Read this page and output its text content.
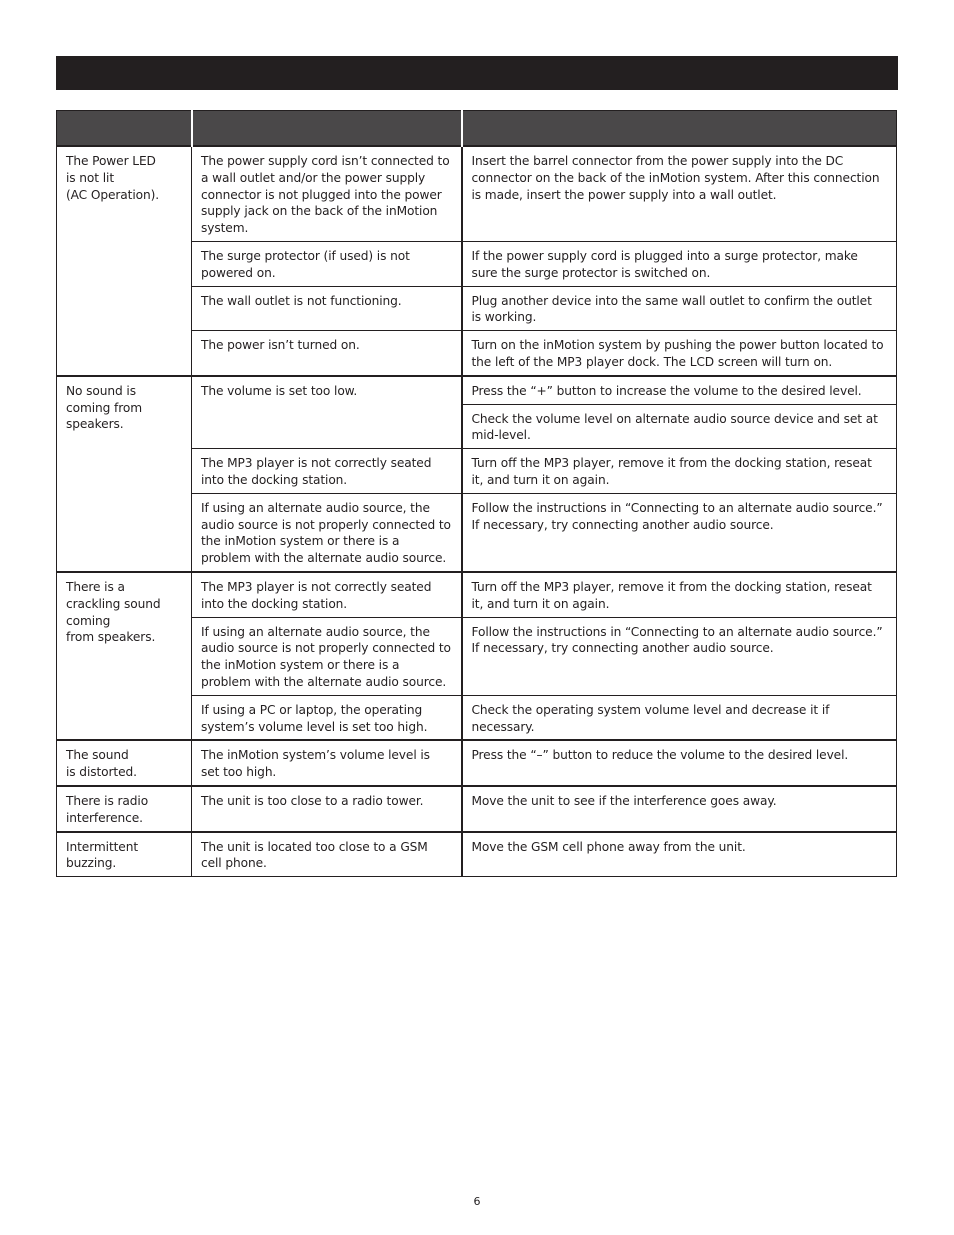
The Power LED
is not lit
(AC Operation).	The power supply cord isn’t connected to a wall outlet and/or the power supply connector is not plugged into the power supply jack on the back of the inMotion system.	Insert the barrel connector from the power supply into the DC connector on the back of the inMotion system. After this connection is made, insert the power supply into a wall outlet.

	The surge protector (if used) is not powered on.	If the power supply cord is plugged into a surge protector, make sure the surge protector is switched on.

	The wall outlet is not functioning.	Plug another device into the same wall outlet to confirm the outlet
is working.

	The power isn’t turned on.	Turn on the inMotion system by pushing the power button located to the left of the MP3 player dock. The LCD screen will turn on.

No sound is coming from speakers.	The volume is set too low.	Press the “+” button to increase the volume to the desired level.

		Check the volume level on alternate audio source device and set at mid-level.

	The MP3 player is not correctly seated into the docking station.	Turn off the MP3 player, remove it from the docking station, reseat it, and turn it on again.

	If using an alternate audio source, the audio source is not properly connected to the inMotion system or there is a problem with the alternate audio source.	Follow the instructions in “Connecting to an alternate audio source.”
If necessary, try connecting another audio source.

There is a crackling sound coming
from speakers.	The MP3 player is not correctly seated into the docking station.	Turn off the MP3 player, remove it from the docking station, reseat it, and turn it on again.

	If using an alternate audio source, the audio source is not properly connected to the inMotion system or there is a problem with the alternate audio source.	Follow the instructions in “Connecting to an alternate audio source.”
If necessary, try connecting another audio source.

	If using a PC or laptop, the operating system’s volume level is set too high.	Check the operating system volume level and decrease it if necessary.

The sound
is distorted.	The inMotion system’s volume level is set too high.	Press the “–” button to reduce the volume to the desired level.

There is radio interference.	The unit is too close to a radio tower.	Move the unit to see if the interference goes away.

Intermittent buzzing.	The unit is located too close to a GSM
cell phone.	Move the GSM cell phone away from the unit.
6
